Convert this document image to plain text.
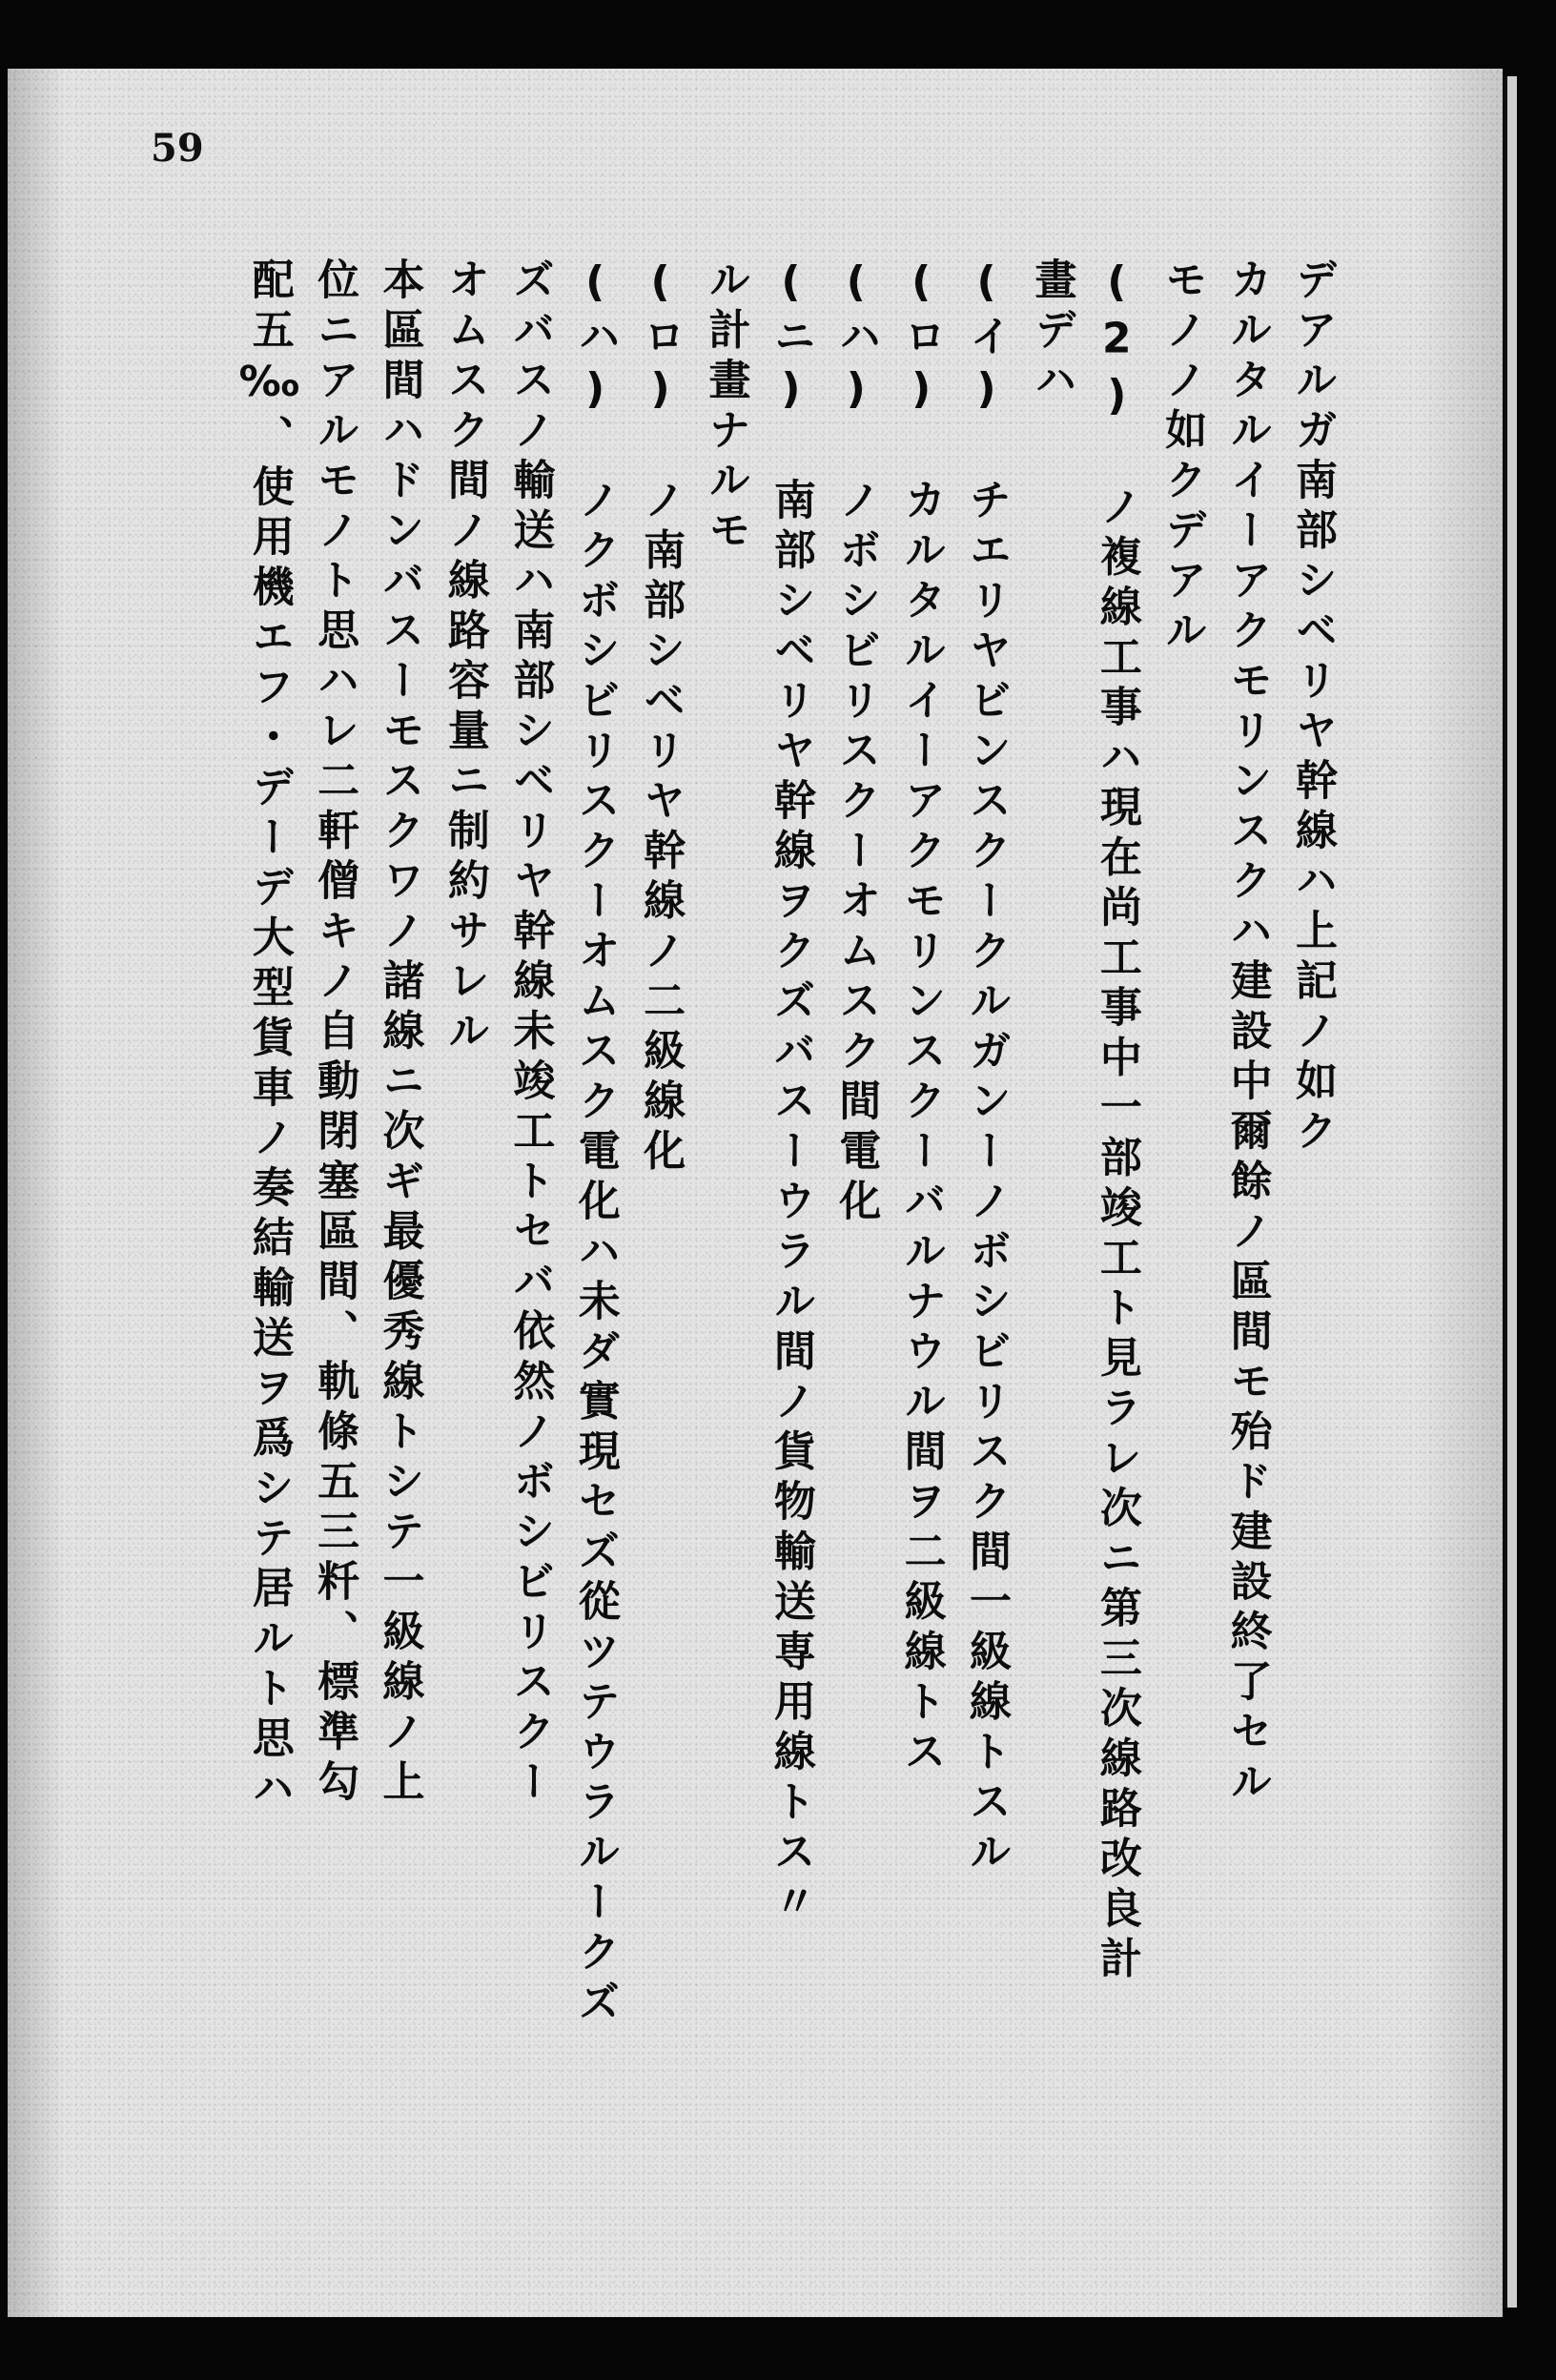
59
デアルガ南部シベリヤ幹線ハ上記ノ如ク
カルタルイーアクモリンスクハ建設中爾餘ノ區間モ殆ド建設終了セル
モノノ如クデアル
(2) ノ複線工事ハ現在尚工事中一部竣工ト見ラレ次ニ第三次線路改良計
畫デハ
(イ) チエリヤビンスクークルガンーノボシビリスク間一級線トスル
(ロ) カルタルイーアクモリンスクーバルナウル間ヲ二級線トス
(ハ) ノボシビリスクーオムスク間電化
(ニ) 南部シベリヤ幹線ヲクズバスーウラル間ノ貨物輸送専用線トス〃
ル計畫ナルモ
(ロ) ノ南部シベリヤ幹線ノ二級線化
(ハ) ノクボシビリスクーオムスク電化ハ未ダ實現セズ從ツテウラルークズ
ズバスノ輸送ハ南部シベリヤ幹線未竣工トセバ依然ノボシビリスクー
オムスク間ノ線路容量ニ制約サレル
本區間ハドンバスーモスクワノ諸線ニ次ギ最優秀線トシテ一級線ノ上
位ニアルモノト思ハレ二軒僧キノ自動閉塞區間、軌條五三粁、標準勾
配五‰、使用機エフ・デーデ大型貨車ノ奏結輸送ヲ爲シテ居ルト思ハ
